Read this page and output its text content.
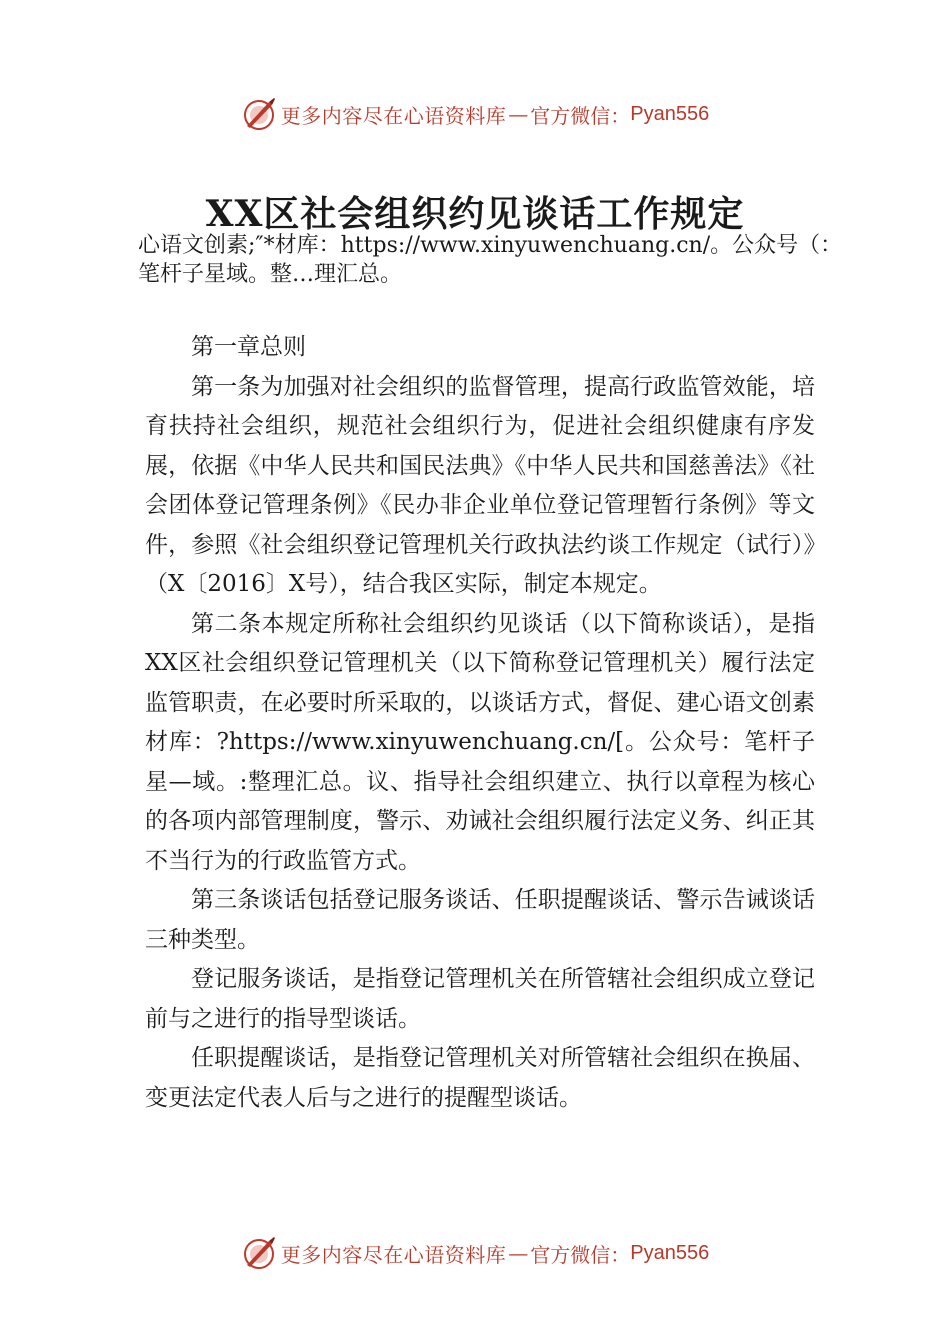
更多内容尽在心语资料库 — 官方微信： Pyan556
XX区社会组织约见谈话工作规定
心语文创素;″*材库：https://www.xinyuwenchuang.cn/。公众号（：笔杆子星域。整…理汇总。

第一章总则

第一条为加强对社会组织的监督管理，提高行政监管效能，培育扶持社会组织，规范社会组织行为，促进社会组织健康有序发展，依据《中华人民共和国民法典》《中华人民共和国慈善法》《社会团体登记管理条例》《民办非企业单位登记管理暂行条例》等文件，参照《社会组织登记管理机关行政执法约谈工作规定（试行）》（X〔2016〕X号），结合我区实际，制定本规定。

第二条本规定所称社会组织约见谈话（以下简称谈话），是指XX区社会组织登记管理机关（以下简称登记管理机关）履行法定监管职责，在必要时所采取的，以谈话方式，督促、建心语文创素材库：?https://www.xinyuwenchuang.cn/[。公众号：笔杆子星—域。:整理汇总。议、指导社会组织建立、执行以章程为核心的各项内部管理制度，警示、劝诫社会组织履行法定义务、纠正其不当行为的行政监管方式。

第三条谈话包括登记服务谈话、任职提醒谈话、警示告诫谈话三种类型。

登记服务谈话，是指登记管理机关在所管辖社会组织成立登记前与之进行的指导型谈话。

任职提醒谈话，是指登记管理机关对所管辖社会组织在换届、变更法定代表人后与之进行的提醒型谈话。

更多内容尽在心语资料库 — 官方微信： Pyan556
